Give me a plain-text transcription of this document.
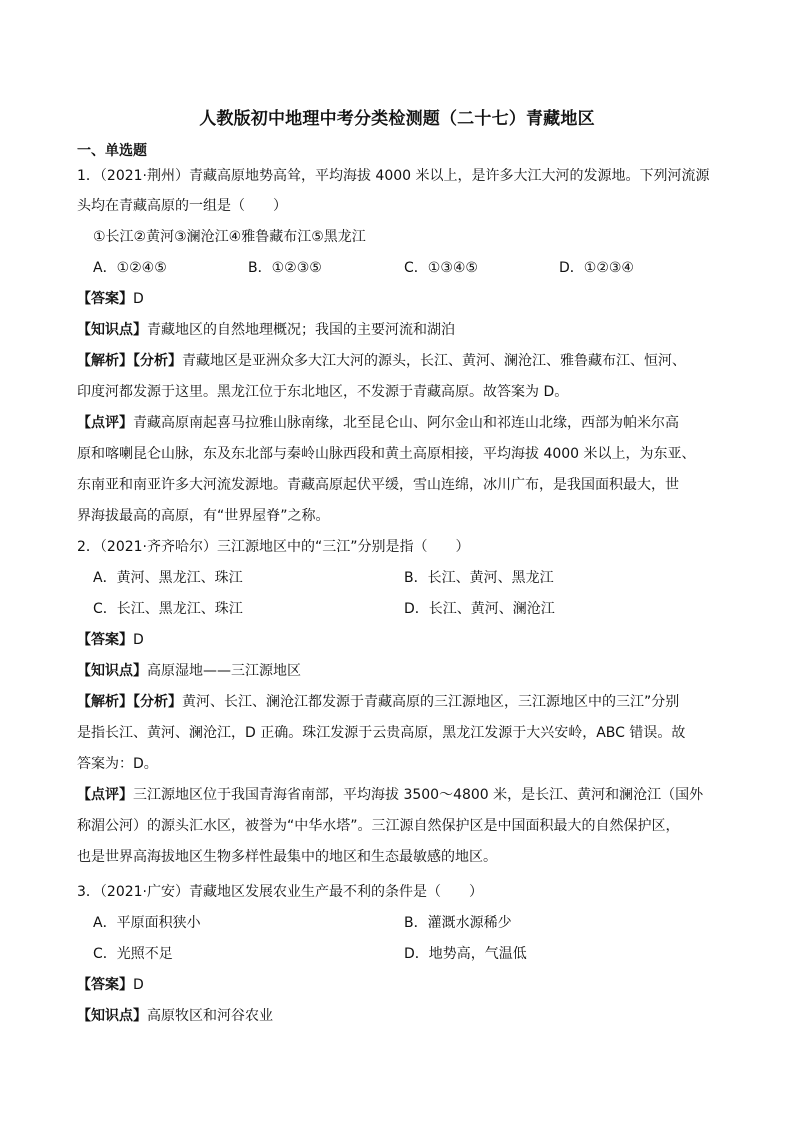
人教版初中地理中考分类检测题（二十七）青藏地区
一、单选题
1．（2021·荆州）青藏高原地势高耸，平均海拔 4000 米以上，是许多大江大河的发源地。下列河流源
头均在青藏高原的一组是（　　）
①长江②黄河③澜沧江④雅鲁藏布江⑤黑龙江
A．①②④⑤	B．①②③⑤	C．①③④⑤	D．①②③④
【答案】D
【知识点】青藏地区的自然地理概况；我国的主要河流和湖泊
【解析】【分析】青藏地区是亚洲众多大江大河的源头，长江、黄河、澜沧江、雅鲁藏布江、恒河、
印度河都发源于这里。黑龙江位于东北地区，不发源于青藏高原。故答案为 D。
【点评】青藏高原南起喜马拉雅山脉南缘，北至昆仑山、阿尔金山和祁连山北缘，西部为帕米尔高
原和喀喇昆仑山脉，东及东北部与秦岭山脉西段和黄土高原相接，平均海拔 4000 米以上，为东亚、
东南亚和南亚许多大河流发源地。青藏高原起伏平缓，雪山连绵，冰川广布，是我国面积最大，世
界海拔最高的高原，有“世界屋脊”之称。
2．（2021·齐齐哈尔）三江源地区中的“三江”分别是指（　　）
A．黄河、黑龙江、珠江	B．长江、黄河、黑龙江
C．长江、黑龙江、珠江	D．长江、黄河、澜沧江
【答案】D
【知识点】高原湿地——三江源地区
【解析】【分析】黄河、长江、澜沧江都发源于青藏高原的三江源地区，三江源地区中的三江”分别
是指长江、黄河、澜沧江，D 正确。珠江发源于云贵高原，黑龙江发源于大兴安岭，ABC 错误。故
答案为：D。
【点评】三江源地区位于我国青海省南部，平均海拔 3500～4800 米，是长江、黄河和澜沧江（国外
称湄公河）的源头汇水区，被誉为“中华水塔”。三江源自然保护区是中国面积最大的自然保护区，
也是世界高海拔地区生物多样性最集中的地区和生态最敏感的地区。
3．（2021·广安）青藏地区发展农业生产最不利的条件是（　　）
A．平原面积狭小	B．灌溉水源稀少
C．光照不足	D．地势高，气温低
【答案】D
【知识点】高原牧区和河谷农业
